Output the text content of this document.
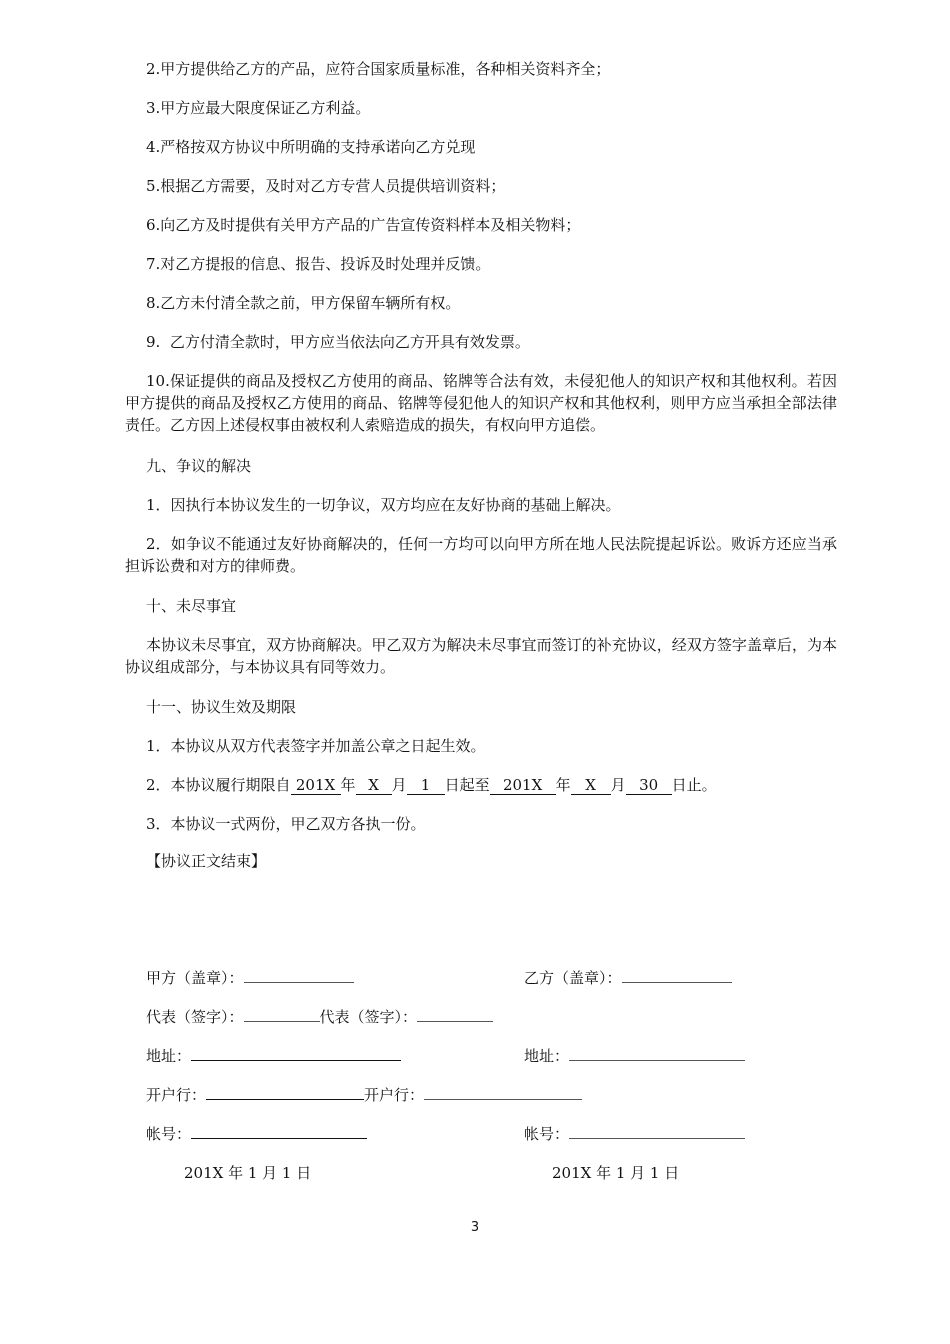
2.甲方提供给乙方的产品，应符合国家质量标准，各种相关资料齐全；

3.甲方应最大限度保证乙方利益。

4.严格按双方协议中所明确的支持承诺向乙方兑现

5.根据乙方需要，及时对乙方专营人员提供培训资料；

6.向乙方及时提供有关甲方产品的广告宣传资料样本及相关物料；

7.对乙方提报的信息、报告、投诉及时处理并反馈。

8.乙方未付清全款之前，甲方保留车辆所有权。

9.  乙方付清全款时，甲方应当依法向乙方开具有效发票。

10.保证提供的商品及授权乙方使用的商品、铭牌等合法有效，未侵犯他人的知识产权和其他权利。若因甲方提供的商品及授权乙方使用的商品、铭牌等侵犯他人的知识产权和其他权利，则甲方应当承担全部法律责任。乙方因上述侵权事由被权利人索赔造成的损失，有权向甲方追偿。

九、争议的解决

1．因执行本协议发生的一切争议，双方均应在友好协商的基础上解决。

2．如争议不能通过友好协商解决的，任何一方均可以向甲方所在地人民法院提起诉讼。败诉方还应当承担诉讼费和对方的律师费。

十、未尽事宜

本协议未尽事宜，双方协商解决。甲乙双方为解决未尽事宜而签订的补充协议，经双方签字盖章后，为本协议组成部分，与本协议具有同等效力。

十一、协议生效及期限

1．本协议从双方代表签字并加盖公章之日起生效。

2．本协议履行期限自 201X 年 X 月 1 日起至 201X 年 X 月 30 日止。

3．本协议一式两份，甲乙双方各执一份。

【协议正文结束】

甲方（盖章）：	乙方（盖章）：
代表（签字）：	代表（签字）：
地址：	地址：
开户行：	开户行：
帐号：	帐号：
201X 年 1 月 1 日	201X 年 1 月 1 日
3
